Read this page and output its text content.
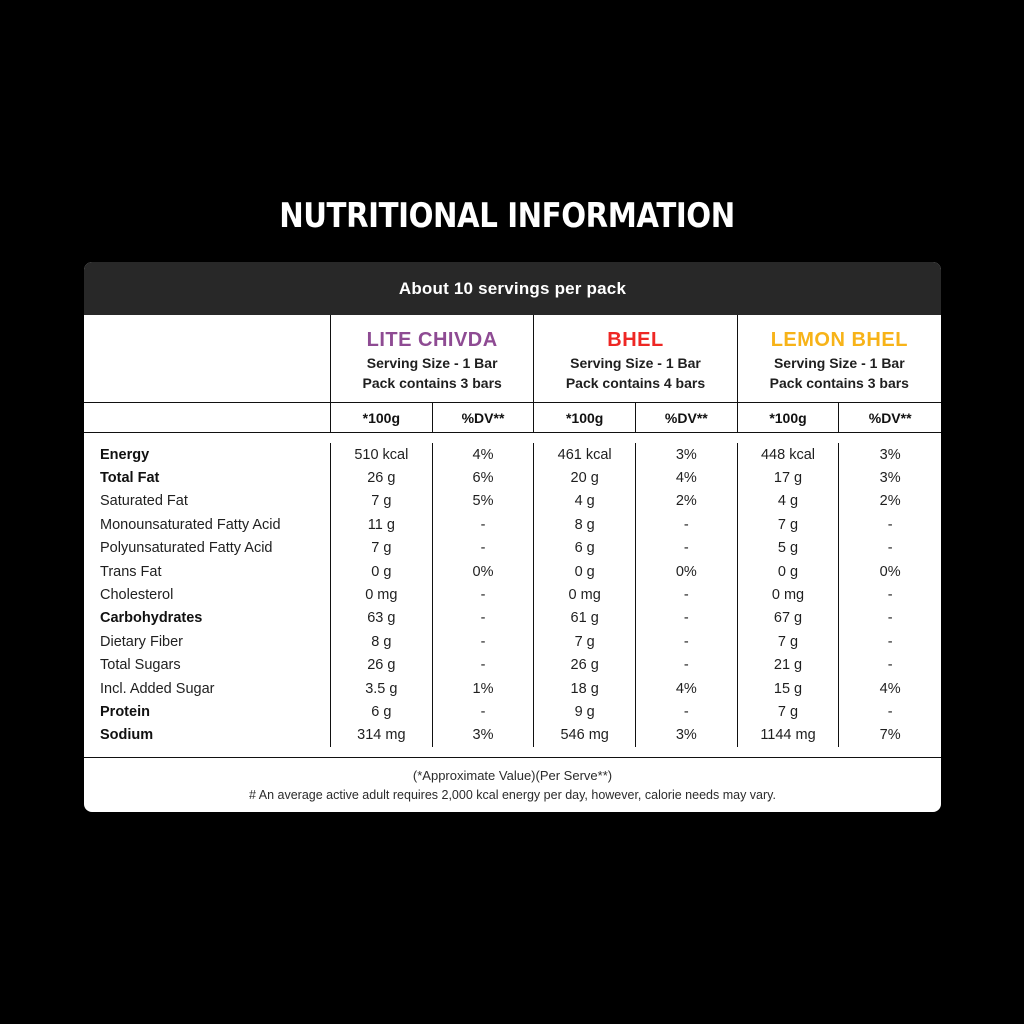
NUTRITIONAL INFORMATION
About 10 servings per pack
LITE CHIVDA
Serving Size - 1 Bar
Pack contains 3 bars
BHEL
Serving Size - 1 Bar
Pack contains 4 bars
LEMON BHEL
Serving Size - 1 Bar
Pack contains 3 bars
*100g	%DV**	*100g	%DV**	*100g	%DV**
Energy	510 kcal	4%	461 kcal	3%	448 kcal	3%
Total Fat	26 g	6%	20 g	4%	17 g	3%
Saturated Fat	7 g	5%	4 g	2%	4 g	2%
Monounsaturated Fatty Acid	11 g	-	8 g	-	7 g	-
Polyunsaturated Fatty Acid	7 g	-	6 g	-	5 g	-
Trans Fat	0 g	0%	0 g	0%	0 g	0%
Cholesterol	0 mg	-	0 mg	-	0 mg	-
Carbohydrates	63 g	-	61 g	-	67 g	-
Dietary Fiber	8 g	-	7 g	-	7 g	-
Total Sugars	26 g	-	26 g	-	21 g	-
Incl. Added Sugar	3.5 g	1%	18 g	4%	15 g	4%
Protein	6 g	-	9 g	-	7 g	-
Sodium	314 mg	3%	546 mg	3%	1144 mg	7%
(*Approximate Value)(Per Serve**)
# An average active adult requires 2,000 kcal energy per day, however, calorie needs may vary.
